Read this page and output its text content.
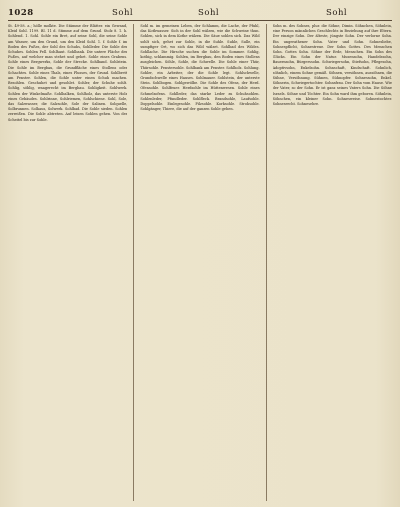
1028	Sohl	Sohl	Sohl

St. 49-58. a.; hölle molkte. Die Stämme der Blätter. ein Gewand, Kleid Sohl. 1199. Bl. 11 d. Stimme auf dem Grund. Stolz 8. 1. h. Sohlend. 1. Sohl. Sohle ein Bret, auf seine Sohl, die seine Sohle am Wasser, um den Grund, um den Kleid Sohl. 1. f. Sohle f. im Boden des Fußes, der Sohl des Schuhs, Sohlleder. Die Sohle des Schuhes. Sohlen Fell. Sohlhaut. Sohlbank. Die untere Fläche des Fußes, auf welcher man stehet und gehet. Sohle eines Grabens. Sohle eines Bergwerks, Sohle der Strecke. Sohlband. Sohlstein. Die Sohle im Bergbau, die Grundfläche eines Stollens oder Schachtes. Sohle eines Thals, eines Flusses, der Grund. Sohlbrett am Fenster. Sohlen, die Sohle unter einen Schuh machen. Besohlen. Geschuhet und gesohlet. Sohler, der Schuhe sohlt. Sohlig, söhlig, waagerecht im Bergbau. Sohligkeit. Sohlwerk. Sohlen der Winkelmaße. Sohlbalken, Sohlholz, das unterste Holz eines Gebäudes. Sohlrinne, Sohlriemen, Sohlschiene. Sohl, Sole, das Salzwasser, die Salzsohle, Sole der Salinen. Solquelle, Solbrunnen. Solhaus, Solwerk. Sohlbad. Die Sohle sieden. Sohlen zerreißen. Die Sohle abtreten. Auf leisen Sohlen gehen. Von der Scheitel bis zur Sohle.

Sohl m. im gemeinen Leben, der Schlamm, die Lache, der Pfuhl, das Kothwasser. Sich in der Sohl wälzen, wie die Schweine thun. Sohlen, sich in dem Kothe wälzen. Die Säue sohlen sich. Das Wild sohlt sich, gehet zur Sohle, in die Suhle. Suhle, Sulle, ein sumpfiger Ort, wo sich das Wild wälzet. Sohlbad des Wildes. Sohllache. Die Hirsche suchen die Sohle im Sommer. Sohlig, kothig, schlammig. Sohlen, im Bergbau, den Boden eines Stollens ausgleichen. Söhle, Sohle, die Schwelle. Die Sohle einer Thür, Thürsohle. Fenstersohle. Sohlbank am Fenster. Sohlholz. Sohlung. Sohler, ein Arbeiter, der die Sohle legt. Sohlschwelle, Grundschwelle eines Hauses. Sohlmauer. Sohlstein, der unterste Stein. Sohlbogen. Sohlgewölbe. Die Sohle des Ofens, der Herd. Ofensohle. Sohlfeuer. Herdsohle im Hüttenwesen. Sohle eines Schmelzofens. Sohlleder, das starke Leder zu Schuhsohlen. Sohlenleder, Pfundleder. Sohlfleck. Brandsohle, Laufsohle. Doppelsohle. Einlegesohle. Filzsohle. Korksohle. Strohsohle. Sohlgänger, Thiere, die auf der ganzen Sohle gehen.

Sohn m. des Sohnes, plur. die Söhne, Dimin. Söhnchen, Söhnlein, eine Person männlichen Geschlechts in Beziehung auf ihre Eltern. Der einzige Sohn. Der älteste, jüngste Sohn. Der verlorne Sohn. Ein ungerathener Sohn. Vater und Sohn. Sohnesliebe, Sohnespflicht, Sohnestreue. Der Sohn Gottes. Des Menschen Sohn. Gottes Sohn. Söhne der Erde, Menschen. Ein Sohn des Glücks. Ein Sohn der Natur. Musensohn, Handelssohn, Bauernsohn, Bürgerssohn. Schwiegersohn, Stiefsohn, Pflegesohn, Adoptivsohn, Enkelsohn. Sohnschaft, Kindschaft. Sohnlich, söhnlich, einem Sohne gemäß. Söhnen, versöhnen, aussöhnen, die Sühne, Versöhnung. Sühnen, Sühnopfer. Sohnessohn, Enkel. Söhnerin, Schwiegertochter. Sohnsfrau. Der Sohn vom Hause. Wie der Vater, so der Sohn. Er ist ganz seines Vaters Sohn. Die Söhne Israels. Söhne und Töchter. Ein Sohn ward ihm geboren. Söhnlein, Söhnchen, ein kleiner Sohn. Sohnesweise. Sohnestochter. Sohnesrecht. Sohnesehre.
